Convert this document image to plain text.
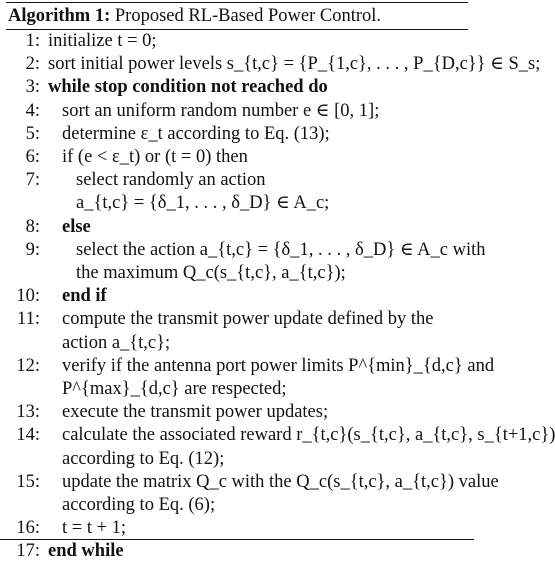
Algorithm 1: Proposed RL-Based Power Control.
1: initialize t = 0;
2: sort initial power levels s_{t,c} = {P_{1,c}, . . . , P_{D,c}} ∈ S_s;
3: while stop condition not reached do
4:	sort an uniform random number e ∈ [0, 1];
5:	determine ε_t according to Eq. (13);
6:	if (e < ε_t) or (t = 0) then
7:	select randomly an action
a_{t,c} = {δ_1, . . . , δ_D} ∈ A_c;
8:	else
9:	select the action a_{t,c} = {δ_1, . . . , δ_D} ∈ A_c with
the maximum Q_c(s_{t,c}, a_{t,c});
10:	end if
11:	compute the transmit power update defined by the
action a_{t,c};
12:	verify if the antenna port power limits P^{min}_{d,c} and
P^{max}_{d,c} are respected;
13:	execute the transmit power updates;
14:	calculate the associated reward r_{t,c}(s_{t,c}, a_{t,c}, s_{t+1,c})
according to Eq. (12);
15:	update the matrix Q_c with the Q_c(s_{t,c}, a_{t,c}) value
according to Eq. (6);
16:	t = t + 1;
17: end while
